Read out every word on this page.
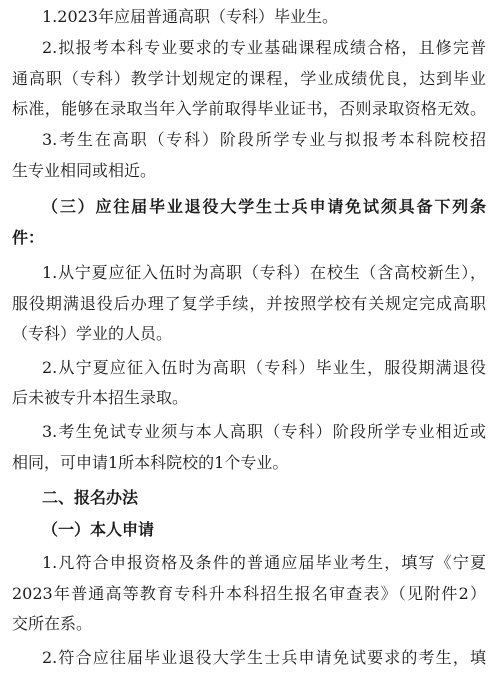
1.2023年应届普通高职（专科）毕业生。
2.拟报考本科专业要求的专业基础课程成绩合格，且修完普
通高职（专科）教学计划规定的课程，学业成绩优良，达到毕业
标准，能够在录取当年入学前取得毕业证书，否则录取资格无效。
3.考生在高职（专科）阶段所学专业与拟报考本科院校招
生专业相同或相近。
（三）应往届毕业退役大学生士兵申请免试须具备下列条
件：
1.从宁夏应征入伍时为高职（专科）在校生（含高校新生），
服役期满退役后办理了复学手续，并按照学校有关规定完成高职
（专科）学业的人员。
2.从宁夏应征入伍时为高职（专科）毕业生，服役期满退役
后未被专升本招生录取。
3.考生免试专业须与本人高职（专科）阶段所学专业相近或
相同，可申请1所本科院校的1个专业。
二、报名办法
（一）本人申请
1.凡符合申报资格及条件的普通应届毕业考生，填写《宁夏
2023年普通高等教育专科升本科招生报名审查表》（见附件2）
交所在系。
2.符合应往届毕业退役大学生士兵申请免试要求的考生，填
